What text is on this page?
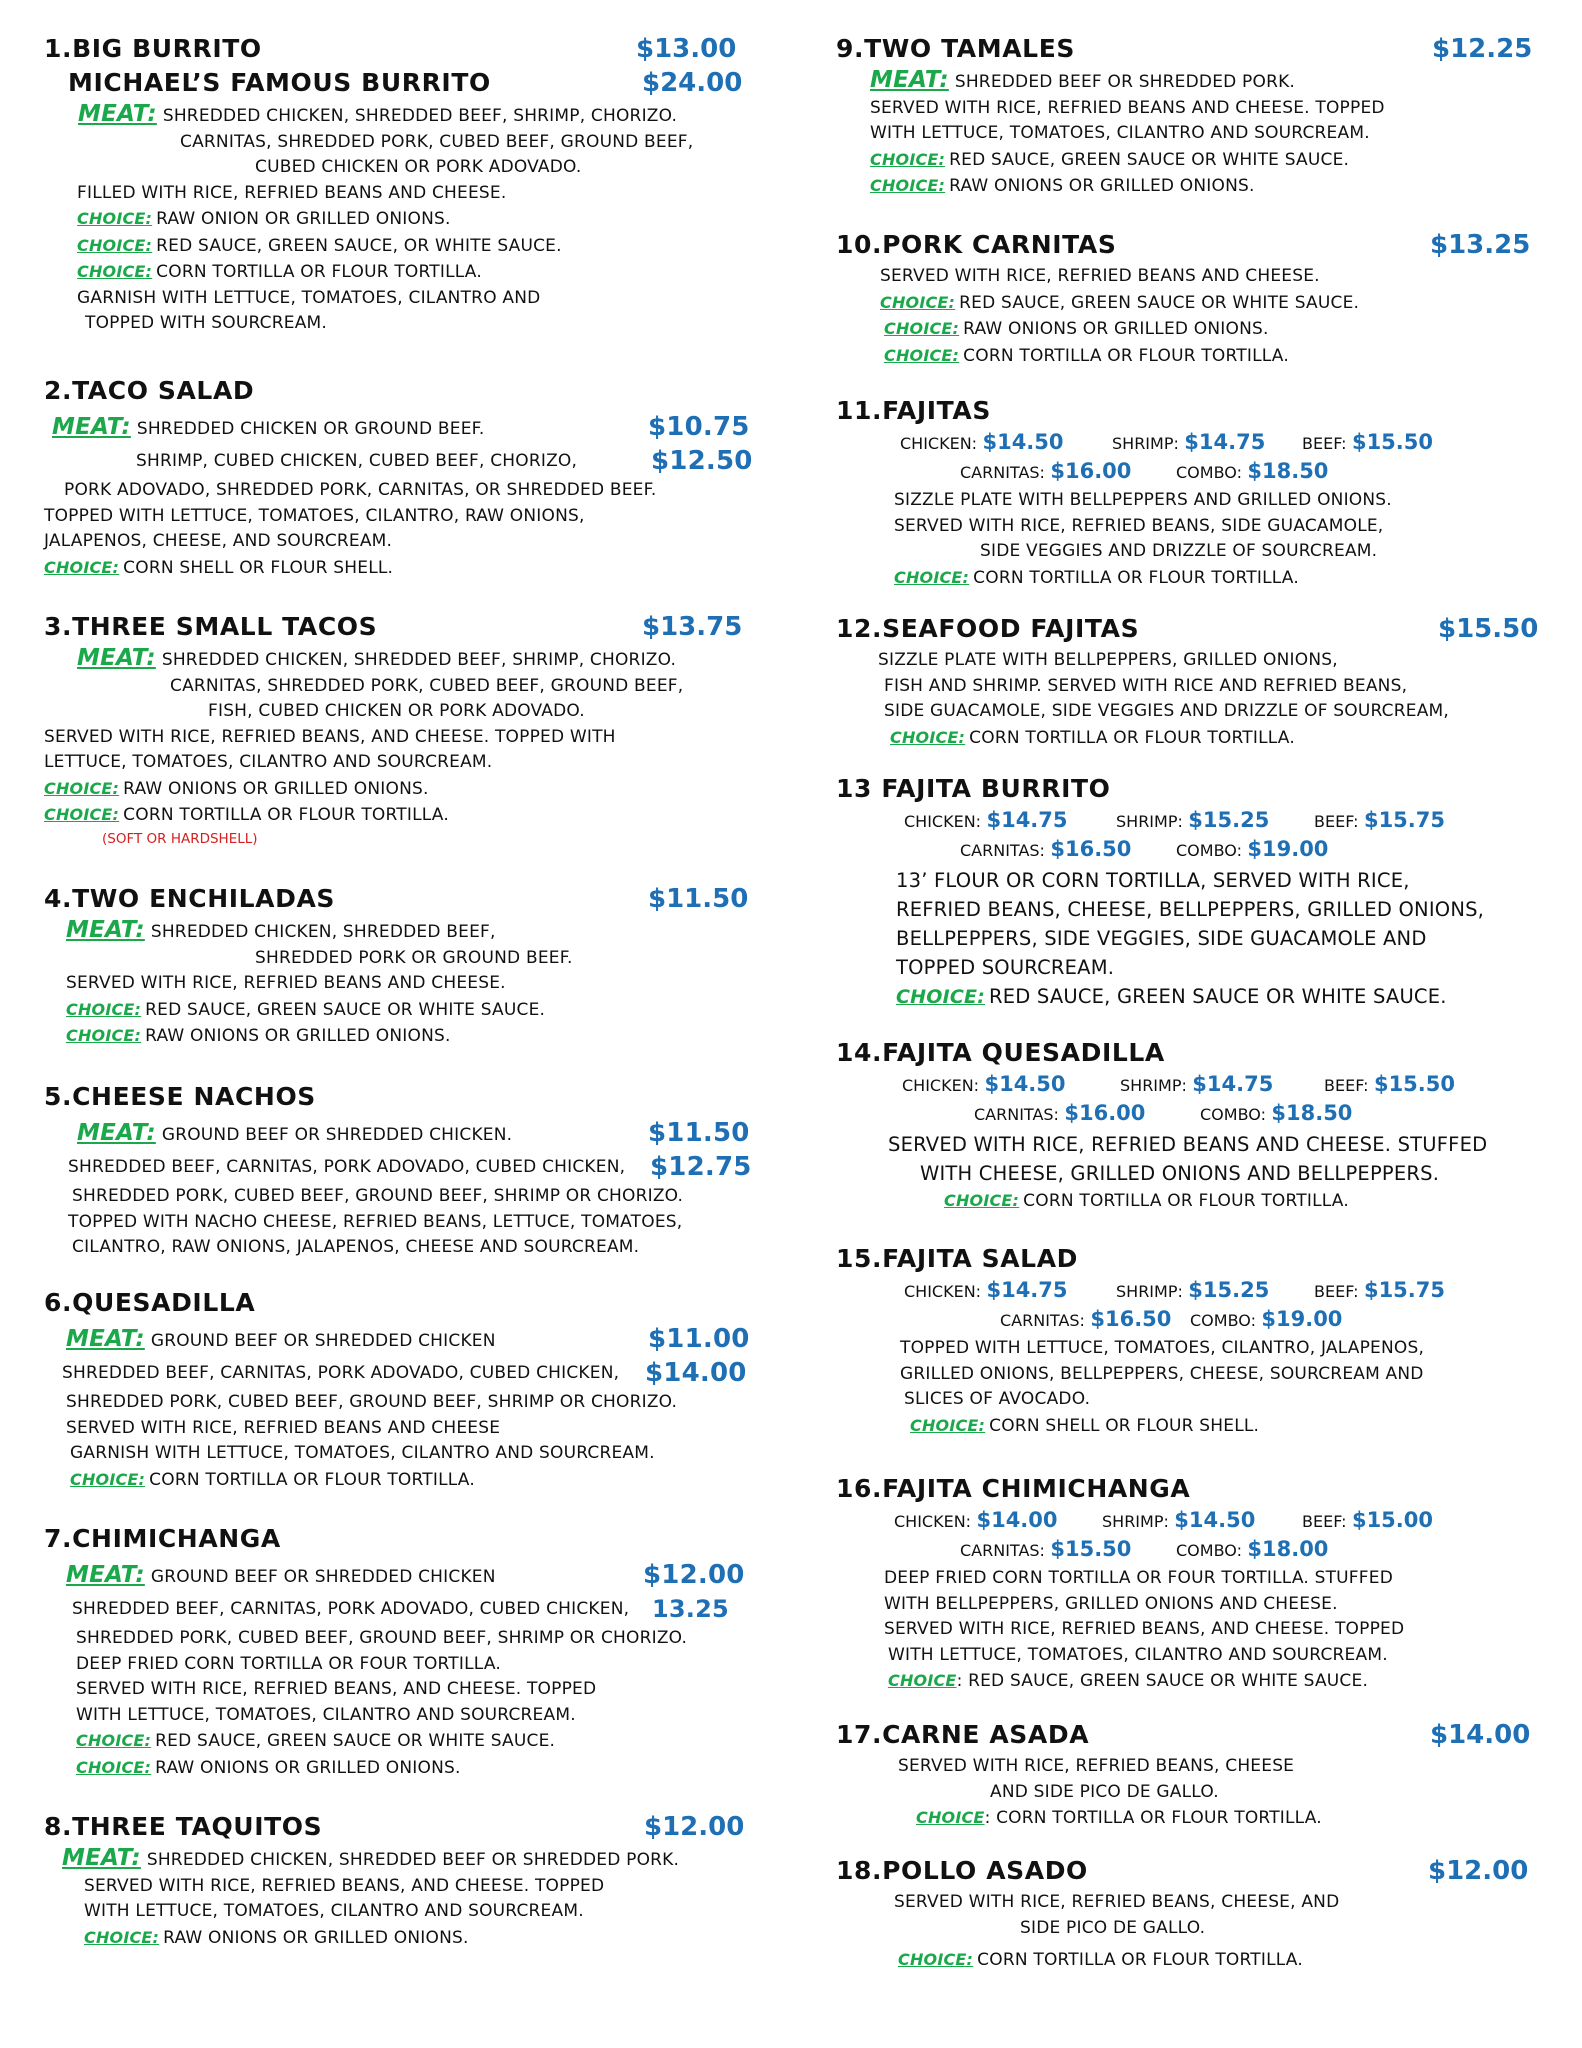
1.BIG BURRITO	$13.00
MICHAEL’S FAMOUS BURRITO	$24.00
MEAT: SHREDDED CHICKEN, SHREDDED BEEF, SHRIMP, CHORIZO.
CARNITAS, SHREDDED PORK, CUBED BEEF, GROUND BEEF,
CUBED CHICKEN OR PORK ADOVADO.
FILLED WITH RICE, REFRIED BEANS AND CHEESE.
CHOICE: RAW ONION OR GRILLED ONIONS.
CHOICE: RED SAUCE, GREEN SAUCE, OR WHITE SAUCE.
CHOICE: CORN TORTILLA OR FLOUR TORTILLA.
GARNISH WITH LETTUCE, TOMATOES, CILANTRO AND
TOPPED WITH SOURCREAM.
2.TACO SALAD
MEAT: SHREDDED CHICKEN OR GROUND BEEF.	$10.75
SHRIMP, CUBED CHICKEN, CUBED BEEF, CHORIZO,	$12.50
PORK ADOVADO, SHREDDED PORK, CARNITAS, OR SHREDDED BEEF.
TOPPED WITH LETTUCE, TOMATOES, CILANTRO, RAW ONIONS,
JALAPENOS, CHEESE, AND SOURCREAM.
CHOICE: CORN SHELL OR FLOUR SHELL.
3.THREE SMALL TACOS	$13.75
MEAT: SHREDDED CHICKEN, SHREDDED BEEF, SHRIMP, CHORIZO.
CARNITAS, SHREDDED PORK, CUBED BEEF, GROUND BEEF,
FISH, CUBED CHICKEN OR PORK ADOVADO.
SERVED WITH RICE, REFRIED BEANS, AND CHEESE. TOPPED WITH
LETTUCE, TOMATOES, CILANTRO AND SOURCREAM.
CHOICE: RAW ONIONS OR GRILLED ONIONS.
CHOICE: CORN TORTILLA OR FLOUR TORTILLA.
(SOFT OR HARDSHELL)
4.TWO ENCHILADAS	$11.50
MEAT: SHREDDED CHICKEN, SHREDDED BEEF,
SHREDDED PORK OR GROUND BEEF.
SERVED WITH RICE, REFRIED BEANS AND CHEESE.
CHOICE: RED SAUCE, GREEN SAUCE OR WHITE SAUCE.
CHOICE: RAW ONIONS OR GRILLED ONIONS.
5.CHEESE NACHOS
MEAT: GROUND BEEF OR SHREDDED CHICKEN.	$11.50
SHREDDED BEEF, CARNITAS, PORK ADOVADO, CUBED CHICKEN, $12.75
SHREDDED PORK, CUBED BEEF, GROUND BEEF, SHRIMP OR CHORIZO.
TOPPED WITH NACHO CHEESE, REFRIED BEANS, LETTUCE, TOMATOES,
CILANTRO, RAW ONIONS, JALAPENOS, CHEESE AND SOURCREAM.
6.QUESADILLA
MEAT: GROUND BEEF OR SHREDDED CHICKEN	$11.00
SHREDDED BEEF, CARNITAS, PORK ADOVADO, CUBED CHICKEN, $14.00
SHREDDED PORK, CUBED BEEF, GROUND BEEF, SHRIMP OR CHORIZO.
SERVED WITH RICE, REFRIED BEANS AND CHEESE
GARNISH WITH LETTUCE, TOMATOES, CILANTRO AND SOURCREAM.
CHOICE: CORN TORTILLA OR FLOUR TORTILLA.
7.CHIMICHANGA
MEAT: GROUND BEEF OR SHREDDED CHICKEN	$12.00
SHREDDED BEEF, CARNITAS, PORK ADOVADO, CUBED CHICKEN, 13.25
SHREDDED PORK, CUBED BEEF, GROUND BEEF, SHRIMP OR CHORIZO.
DEEP FRIED CORN TORTILLA OR FOUR TORTILLA.
SERVED WITH RICE, REFRIED BEANS, AND CHEESE. TOPPED
WITH LETTUCE, TOMATOES, CILANTRO AND SOURCREAM.
CHOICE: RED SAUCE, GREEN SAUCE OR WHITE SAUCE.
CHOICE: RAW ONIONS OR GRILLED ONIONS.
8.THREE TAQUITOS	$12.00
MEAT: SHREDDED CHICKEN, SHREDDED BEEF OR SHREDDED PORK.
SERVED WITH RICE, REFRIED BEANS, AND CHEESE. TOPPED
WITH LETTUCE, TOMATOES, CILANTRO AND SOURCREAM.
CHOICE: RAW ONIONS OR GRILLED ONIONS.
9.TWO TAMALES	$12.25
MEAT: SHREDDED BEEF OR SHREDDED PORK.
SERVED WITH RICE, REFRIED BEANS AND CHEESE. TOPPED
WITH LETTUCE, TOMATOES, CILANTRO AND SOURCREAM.
CHOICE: RED SAUCE, GREEN SAUCE OR WHITE SAUCE.
CHOICE: RAW ONIONS OR GRILLED ONIONS.
10.PORK CARNITAS	$13.25
SERVED WITH RICE, REFRIED BEANS AND CHEESE.
CHOICE: RED SAUCE, GREEN SAUCE OR WHITE SAUCE.
CHOICE: RAW ONIONS OR GRILLED ONIONS.
CHOICE: CORN TORTILLA OR FLOUR TORTILLA.
11.FAJITAS
CHICKEN: $14.50	SHRIMP: $14.75 BEEF: $15.50
CARNITAS: $16.00	COMBO: $18.50
SIZZLE PLATE WITH BELLPEPPERS AND GRILLED ONIONS.
SERVED WITH RICE, REFRIED BEANS, SIDE GUACAMOLE,
SIDE VEGGIES AND DRIZZLE OF SOURCREAM.
CHOICE: CORN TORTILLA OR FLOUR TORTILLA.
12.SEAFOOD FAJITAS	$15.50
SIZZLE PLATE WITH BELLPEPPERS, GRILLED ONIONS,
FISH AND SHRIMP. SERVED WITH RICE AND REFRIED BEANS,
SIDE GUACAMOLE, SIDE VEGGIES AND DRIZZLE OF SOURCREAM,
CHOICE: CORN TORTILLA OR FLOUR TORTILLA.
13 FAJITA BURRITO
CHICKEN: $14.75	SHRIMP: $15.25	BEEF: $15.75
CARNITAS: $16.50	COMBO: $19.00
13’ FLOUR OR CORN TORTILLA, SERVED WITH RICE,
REFRIED BEANS, CHEESE, BELLPEPPERS, GRILLED ONIONS,
BELLPEPPERS, SIDE VEGGIES, SIDE GUACAMOLE AND
TOPPED SOURCREAM.
CHOICE: RED SAUCE, GREEN SAUCE OR WHITE SAUCE.
14.FAJITA QUESADILLA
CHICKEN: $14.50	SHRIMP: $14.75	BEEF: $15.50
CARNITAS: $16.00	COMBO: $18.50
SERVED WITH RICE, REFRIED BEANS AND CHEESE. STUFFED
WITH CHEESE, GRILLED ONIONS AND BELLPEPPERS.
CHOICE: CORN TORTILLA OR FLOUR TORTILLA.
15.FAJITA SALAD
CHICKEN: $14.75	SHRIMP: $15.25	BEEF: $15.75
CARNITAS: $16.50 COMBO: $19.00
TOPPED WITH LETTUCE, TOMATOES, CILANTRO, JALAPENOS,
GRILLED ONIONS, BELLPEPPERS, CHEESE, SOURCREAM AND
SLICES OF AVOCADO.
CHOICE: CORN SHELL OR FLOUR SHELL.
16.FAJITA CHIMICHANGA
CHICKEN: $14.00	SHRIMP: $14.50	BEEF: $15.00
CARNITAS: $15.50	COMBO: $18.00
DEEP FRIED CORN TORTILLA OR FOUR TORTILLA. STUFFED
WITH BELLPEPPERS, GRILLED ONIONS AND CHEESE.
SERVED WITH RICE, REFRIED BEANS, AND CHEESE. TOPPED
WITH LETTUCE, TOMATOES, CILANTRO AND SOURCREAM.
CHOICE: RED SAUCE, GREEN SAUCE OR WHITE SAUCE.
17.CARNE ASADA	$14.00
SERVED WITH RICE, REFRIED BEANS, CHEESE
AND SIDE PICO DE GALLO.
CHOICE: CORN TORTILLA OR FLOUR TORTILLA.
18.POLLO ASADO	$12.00
SERVED WITH RICE, REFRIED BEANS, CHEESE, AND
SIDE PICO DE GALLO.
CHOICE: CORN TORTILLA OR FLOUR TORTILLA.
